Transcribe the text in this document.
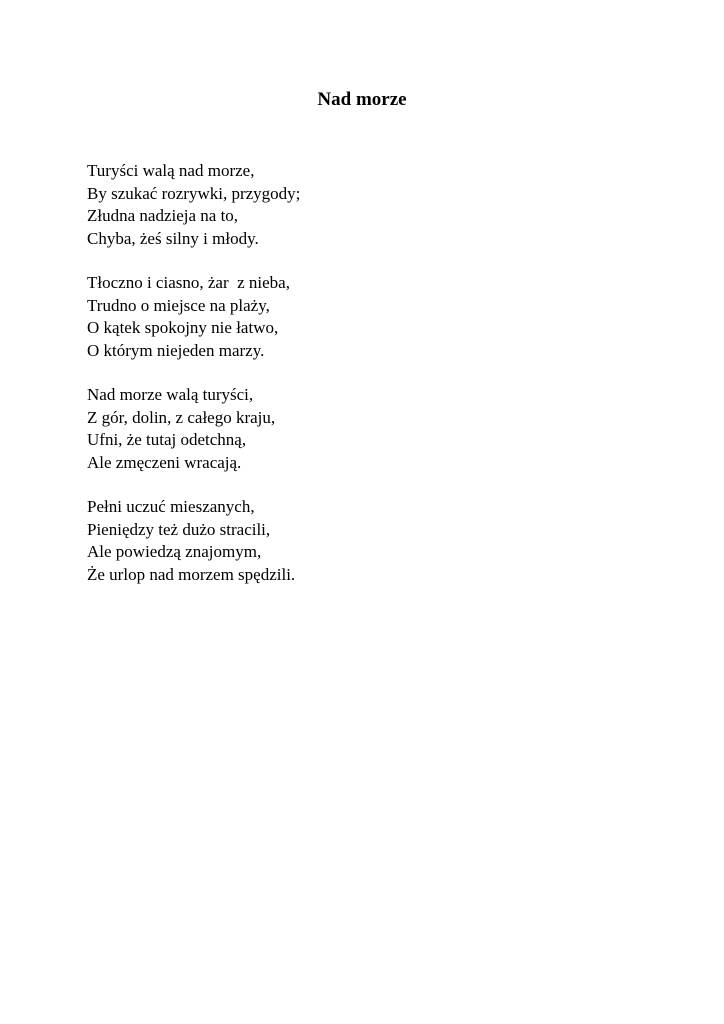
Nad morze
Turyści walą nad morze,
By szukać rozrywki, przygody;
Złudna nadzieja na to,
Chyba, żeś silny i młody.
Tłoczno i ciasno, żar  z nieba,
Trudno o miejsce na plaży,
O kątek spokojny nie łatwo,
O którym niejeden marzy.
Nad morze walą turyści,
Z gór, dolin, z całego kraju,
Ufni, że tutaj odetchną,
Ale zmęczeni wracają.
Pełni uczuć mieszanych,
Pieniędzy też dużo stracili,
Ale powiedzą znajomym,
Że urlop nad morzem spędzili.
